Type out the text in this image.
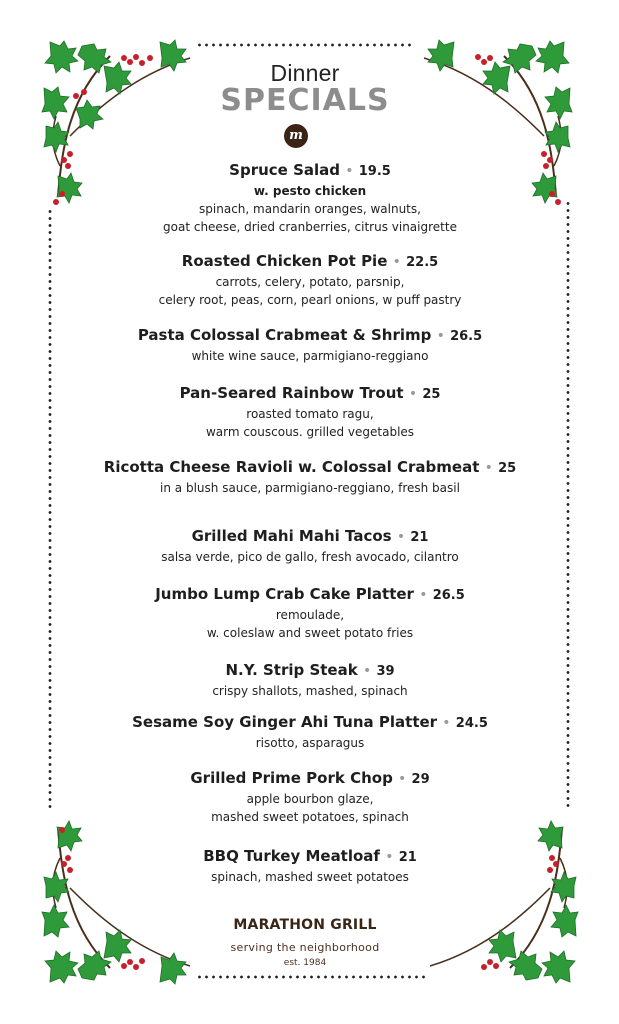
Dinner
SPECIALS
m
Spruce Salad • 19.5
w. pesto chicken
spinach, mandarin oranges, walnuts,
goat cheese, dried cranberries, citrus vinaigrette
Roasted Chicken Pot Pie • 22.5
carrots, celery, potato, parsnip,
celery root, peas, corn, pearl onions, w puff pastry
Pasta Colossal Crabmeat & Shrimp • 26.5
white wine sauce, parmigiano-reggiano
Pan-Seared Rainbow Trout • 25
roasted tomato ragu,
warm couscous. grilled vegetables
Ricotta Cheese Ravioli w. Colossal Crabmeat • 25
in a blush sauce, parmigiano-reggiano, fresh basil
Grilled Mahi Mahi Tacos • 21
salsa verde, pico de gallo, fresh avocado, cilantro
Jumbo Lump Crab Cake Platter • 26.5
remoulade,
w. coleslaw and sweet potato fries
N.Y. Strip Steak • 39
crispy shallots, mashed, spinach
Sesame Soy Ginger Ahi Tuna Platter • 24.5
risotto, asparagus
Grilled Prime Pork Chop • 29
apple bourbon glaze,
mashed sweet potatoes, spinach
BBQ Turkey Meatloaf • 21
spinach, mashed sweet potatoes
MARATHON GRILL
serving the neighborhood
est. 1984
